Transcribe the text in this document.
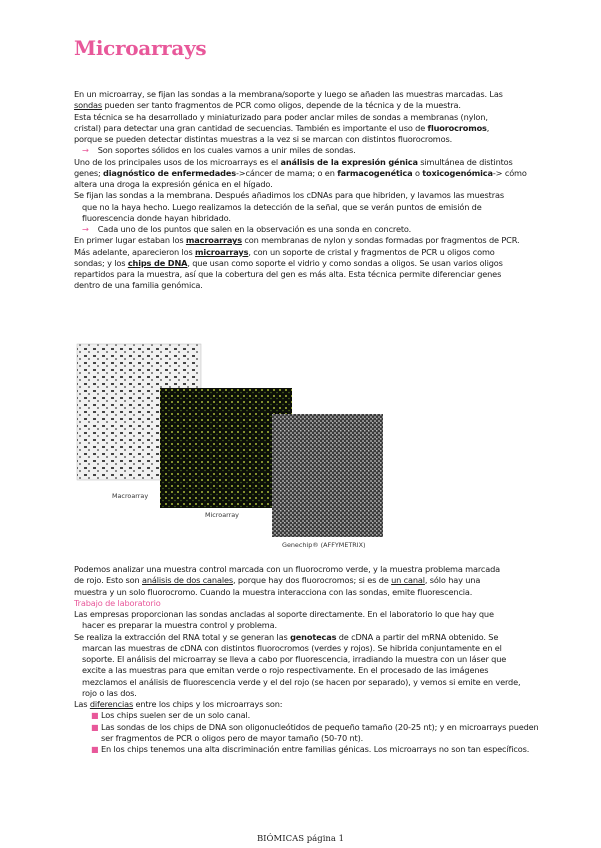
Microarrays

En un microarray, se fijan las sondas a la membrana/soporte y luego se añaden las muestras marcadas. Las

sondas pueden ser tanto fragmentos de PCR como oligos, depende de la técnica y de la muestra.

Esta técnica se ha desarrollado y miniaturizado para poder anclar miles de sondas a membranas (nylon,

cristal) para detectar una gran cantidad de secuencias. También es importante el uso de fluorocromos,

porque se pueden detectar distintas muestras a la vez si se marcan con distintos fluorocromos.

→ Son soportes sólidos en los cuales vamos a unir miles de sondas.

Uno de los principales usos de los microarrays es el análisis de la expresión génica simultánea de distintos

genes; diagnóstico de enfermedades->cáncer de mama; o en farmacogenética o toxicogenómica-> cómo

altera una droga la expresión génica en el hígado.

Se fijan las sondas a la membrana. Después añadimos los cDNAs para que hibriden, y lavamos las muestras

que no la haya hecho. Luego realizamos la detección de la señal, que se verán puntos de emisión de

fluorescencia donde hayan hibridado.

→ Cada uno de los puntos que salen en la observación es una sonda en concreto.

En primer lugar estaban los macroarrays con membranas de nylon y sondas formadas por fragmentos de PCR.

Más adelante, aparecieron los microarrays, con un soporte de cristal y fragmentos de PCR u oligos como

sondas; y los chips de DNA, que usan como soporte el vidrio y como sondas a oligos. Se usan varios oligos

repartidos para la muestra, así que la cobertura del gen es más alta. Esta técnica permite diferenciar genes

dentro de una familia genómica.

Macroarray
Microarray
Genechip® (AFFYMETRIX)

Podemos analizar una muestra control marcada con un fluorocromo verde, y la muestra problema marcada

de rojo. Esto son análisis de dos canales, porque hay dos fluorocromos; si es de un canal, sólo hay una

muestra y un solo fluorocromo. Cuando la muestra interacciona con las sondas, emite fluorescencia.

Trabajo de laboratorio

Las empresas proporcionan las sondas ancladas al soporte directamente. En el laboratorio lo que hay que

hacer es preparar la muestra control y problema.

Se realiza la extracción del RNA total y se generan las genotecas de cDNA a partir del mRNA obtenido. Se

marcan las muestras de cDNA con distintos fluorocromos (verdes y rojos). Se hibrida conjuntamente en el

soporte. El análisis del microarray se lleva a cabo por fluorescencia, irradiando la muestra con un láser que

excite a las muestras para que emitan verde o rojo respectivamente. En el procesado de las imágenes

mezclamos el análisis de fluorescencia verde y el del rojo (se hacen por separado), y vemos si emite en verde,

rojo o las dos.

Las diferencias entre los chips y los microarrays son:

■ Los chips suelen ser de un solo canal.
■ Las sondas de los chips de DNA son oligonucleótidos de pequeño tamaño (20-25 nt); y en microarrays pueden ser fragmentos de PCR o oligos pero de mayor tamaño (50-70 nt).
■ En los chips tenemos una alta discriminación entre familias génicas. Los microarrays no son tan específicos.
BIÓMICAS página 1
